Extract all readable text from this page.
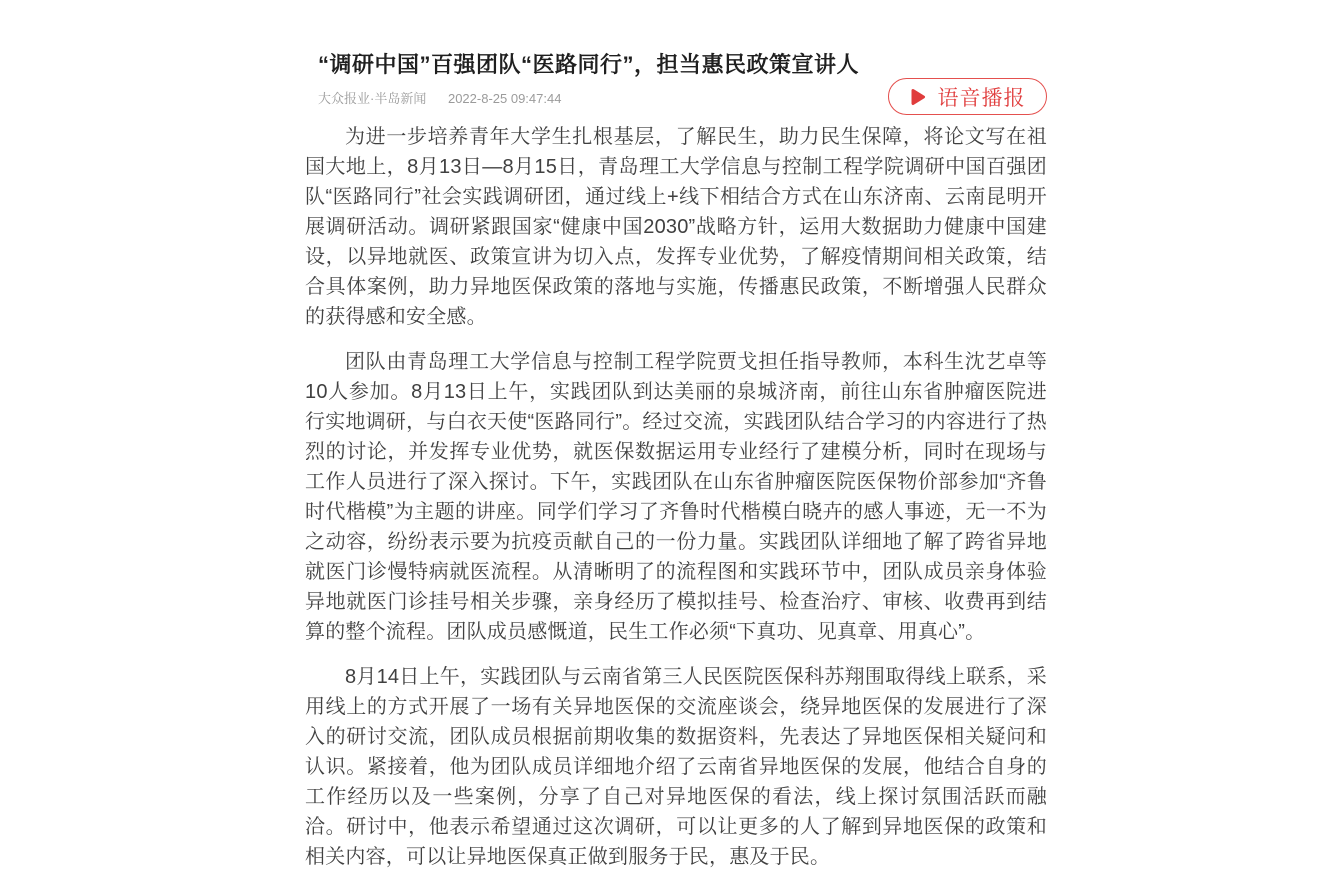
“调研中国”百强团队“医路同行”，担当惠民政策宣讲人
大众报业·半岛新闻 2022-8-25 09:47:44	语音播报

为进一步培养青年大学生扎根基层，了解民生，助力民生保障，将论文写在祖国大地上，8月13日—8月15日，青岛理工大学信息与控制工程学院调研中国百强团队“医路同行”社会实践调研团，通过线上+线下相结合方式在山东济南、云南昆明开展调研活动。调研紧跟国家“健康中国2030”战略方针，运用大数据助力健康中国建设，以异地就医、政策宣讲为切入点，发挥专业优势，了解疫情期间相关政策，结合具体案例，助力异地医保政策的落地与实施，传播惠民政策，不断增强人民群众的获得感和安全感。

团队由青岛理工大学信息与控制工程学院贾戈担任指导教师，本科生沈艺卓等10人参加。8月13日上午，实践团队到达美丽的泉城济南，前往山东省肿瘤医院进行实地调研，与白衣天使“医路同行”。经过交流，实践团队结合学习的内容进行了热烈的讨论，并发挥专业优势，就医保数据运用专业经行了建模分析，同时在现场与工作人员进行了深入探讨。下午，实践团队在山东省肿瘤医院医保物价部参加“齐鲁时代楷模”为主题的讲座。同学们学习了齐鲁时代楷模白晓卉的感人事迹，无一不为之动容，纷纷表示要为抗疫贡献自己的一份力量。实践团队详细地了解了跨省异地就医门诊慢特病就医流程。从清晰明了的流程图和实践环节中，团队成员亲身体验异地就医门诊挂号相关步骤，亲身经历了模拟挂号、检查治疗、审核、收费再到结算的整个流程。团队成员感慨道，民生工作必须“下真功、见真章、用真心”。

8月14日上午，实践团队与云南省第三人民医院医保科苏翔围取得线上联系，采用线上的方式开展了一场有关异地医保的交流座谈会，绕异地医保的发展进行了深入的研讨交流，团队成员根据前期收集的数据资料，先表达了异地医保相关疑问和认识。紧接着，他为团队成员详细地介绍了云南省异地医保的发展，他结合自身的工作经历以及一些案例，分享了自己对异地医保的看法，线上探讨氛围活跃而融洽。研讨中，他表示希望通过这次调研，可以让更多的人了解到异地医保的政策和相关内容，可以让异地医保真正做到服务于民，惠及于民。
